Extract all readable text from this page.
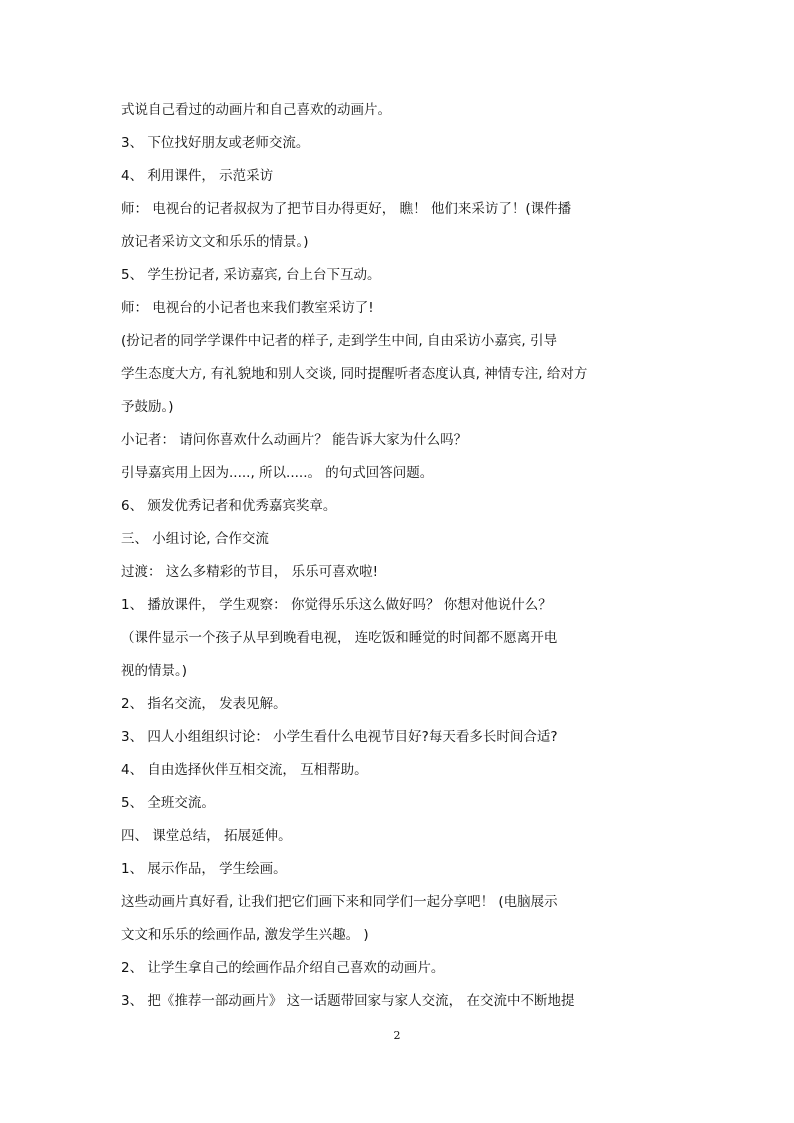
式说自己看过的动画片和自己喜欢的动画片。
3、 下位找好朋友或老师交流。
4、 利用课件， 示范采访
师： 电视台的记者叔叔为了把节目办得更好， 瞧！ 他们来采访了！(课件播
放记者采访文文和乐乐的情景。)
5、 学生扮记者, 采访嘉宾, 台上台下互动。
师： 电视台的小记者也来我们教室采访了!
(扮记者的同学学课件中记者的样子, 走到学生中间, 自由采访小嘉宾, 引导
学生态度大方, 有礼貌地和别人交谈, 同时提醒听者态度认真, 神情专注, 给对方
予鼓励。)
小记者： 请问你喜欢什么动画片？ 能告诉大家为什么吗？
引导嘉宾用上因为....., 所以.....。 的句式回答问题。
6、 颁发优秀记者和优秀嘉宾奖章。
三、 小组讨论, 合作交流
过渡： 这么多精彩的节目， 乐乐可喜欢啦!
1、 播放课件， 学生观察： 你觉得乐乐这么做好吗？ 你想对他说什么？
（课件显示一个孩子从早到晚看电视， 连吃饭和睡觉的时间都不愿离开电
视的情景。)
2、 指名交流， 发表见解。
3、 四人小组组织讨论： 小学生看什么电视节目好?每天看多长时间合适?
4、 自由选择伙伴互相交流， 互相帮助。
5、 全班交流。
四、 课堂总结， 拓展延伸。
1、 展示作品， 学生绘画。
这些动画片真好看, 让我们把它们画下来和同学们一起分享吧！ (电脑展示
文文和乐乐的绘画作品, 激发学生兴趣。 )
2、 让学生拿自己的绘画作品介绍自己喜欢的动画片。
3、 把《推荐一部动画片》 这一话题带回家与家人交流， 在交流中不断地提
2
